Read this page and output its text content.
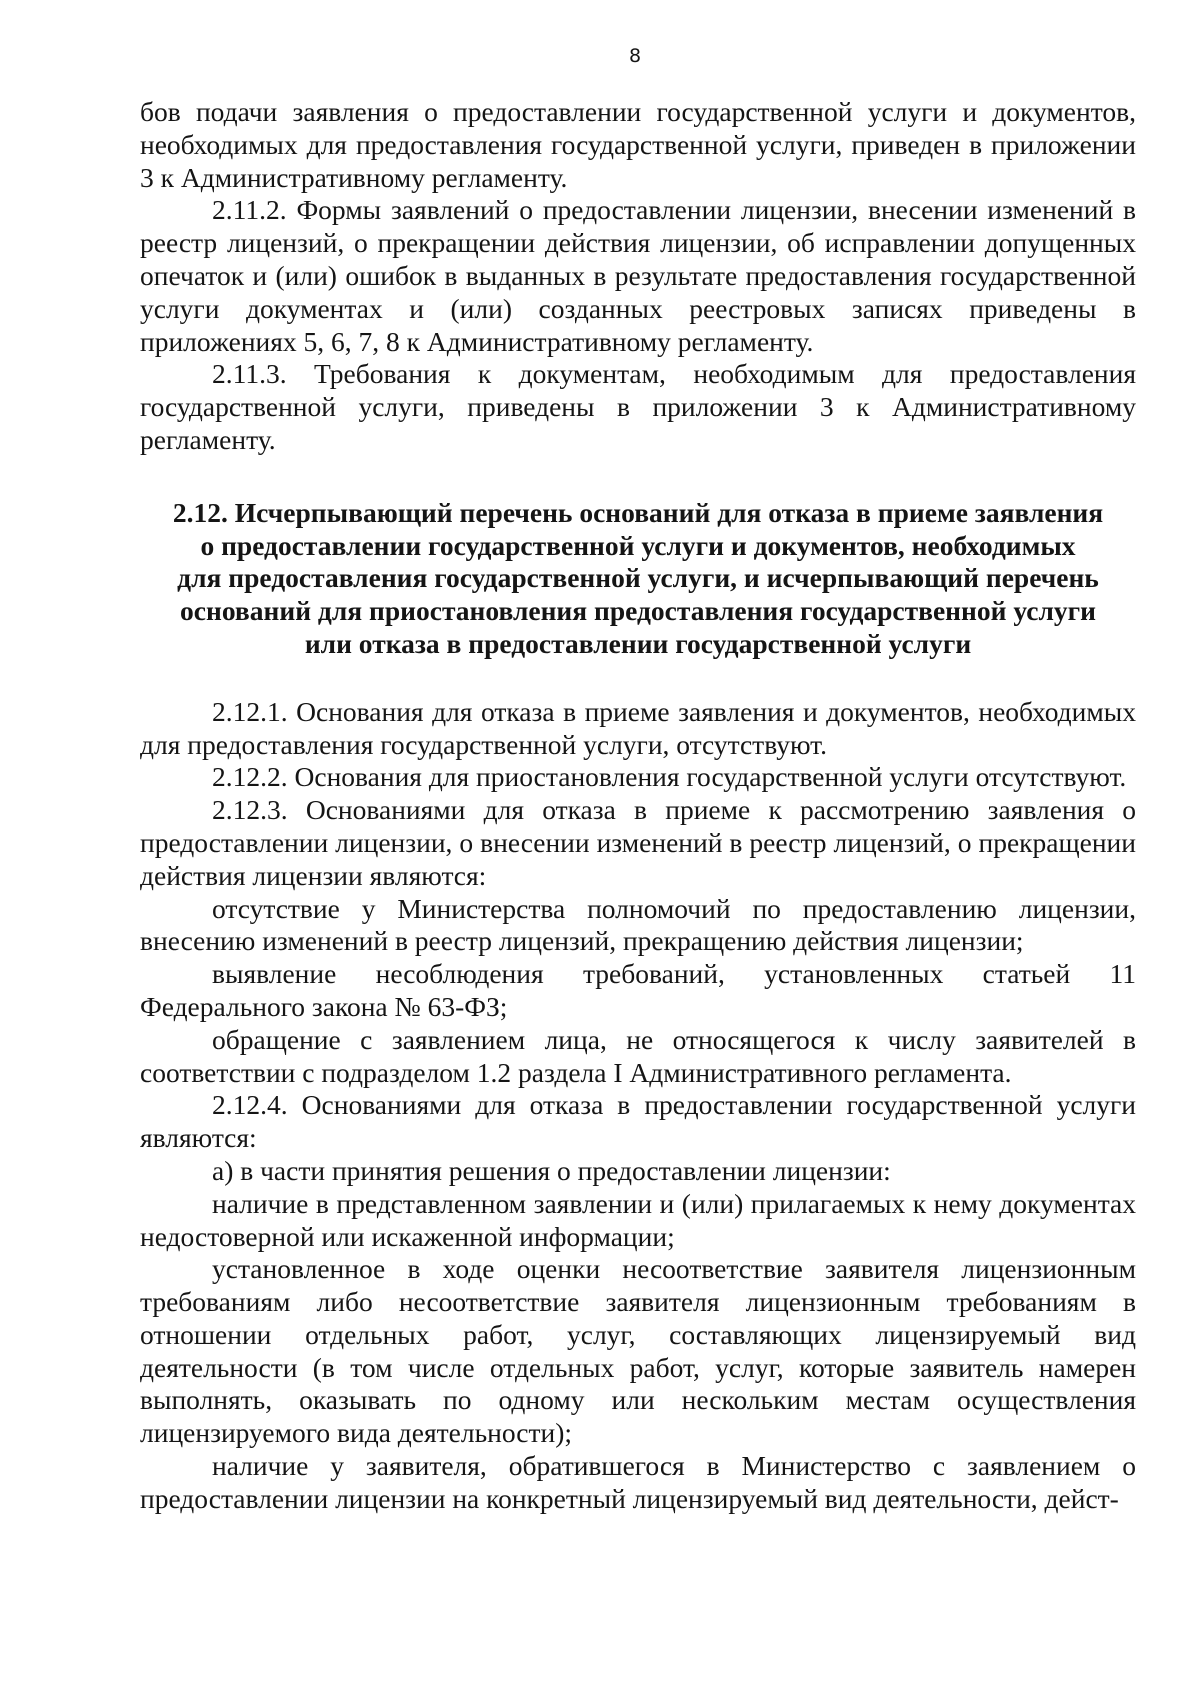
8

бов подачи заявления о предоставлении государственной услуги и документов, необходимых для предоставления государственной услуги, приведен в приложении 3 к Административному регламенту.

2.11.2. Формы заявлений о предоставлении лицензии, внесении изменений в реестр лицензий, о прекращении действия лицензии, об исправлении допущенных опечаток и (или) ошибок в выданных в результате предоставления государственной услуги документах и (или) созданных реестровых записях приведены в приложениях 5, 6, 7, 8 к Административному регламенту.

2.11.3. Требования к документам, необходимым для предоставления государственной услуги, приведены в приложении 3 к Административному регламенту.

2.12. Исчерпывающий перечень оснований для отказа в приеме заявления
о предоставлении государственной услуги и документов, необходимых
для предоставления государственной услуги, и исчерпывающий перечень
оснований для приостановления предоставления государственной услуги
или отказа в предоставлении государственной услуги

2.12.1. Основания для отказа в приеме заявления и документов, необходимых для предоставления государственной услуги, отсутствуют.

2.12.2. Основания для приостановления государственной услуги отсутствуют.

2.12.3. Основаниями для отказа в приеме к рассмотрению заявления о предоставлении лицензии, о внесении изменений в реестр лицензий, о прекращении действия лицензии являются:

отсутствие у Министерства полномочий по предоставлению лицензии, внесению изменений в реестр лицензий, прекращению действия лицензии;

выявление несоблюдения требований, установленных статьей 11 Федерального закона № 63-ФЗ;

обращение с заявлением лица, не относящегося к числу заявителей в соответствии с подразделом 1.2 раздела I Административного регламента.

2.12.4. Основаниями для отказа в предоставлении государственной услуги являются:

а) в части принятия решения о предоставлении лицензии:

наличие в представленном заявлении и (или) прилагаемых к нему документах недостоверной или искаженной информации;

установленное в ходе оценки несоответствие заявителя лицензионным требованиям либо несоответствие заявителя лицензионным требованиям в отношении отдельных работ, услуг, составляющих лицензируемый вид деятельности (в том числе отдельных работ, услуг, которые заявитель намерен выполнять, оказывать по одному или нескольким местам осуществления лицензируемого вида деятельности);

наличие у заявителя, обратившегося в Министерство с заявлением о предоставлении лицензии на конкретный лицензируемый вид деятельности, дейст-
